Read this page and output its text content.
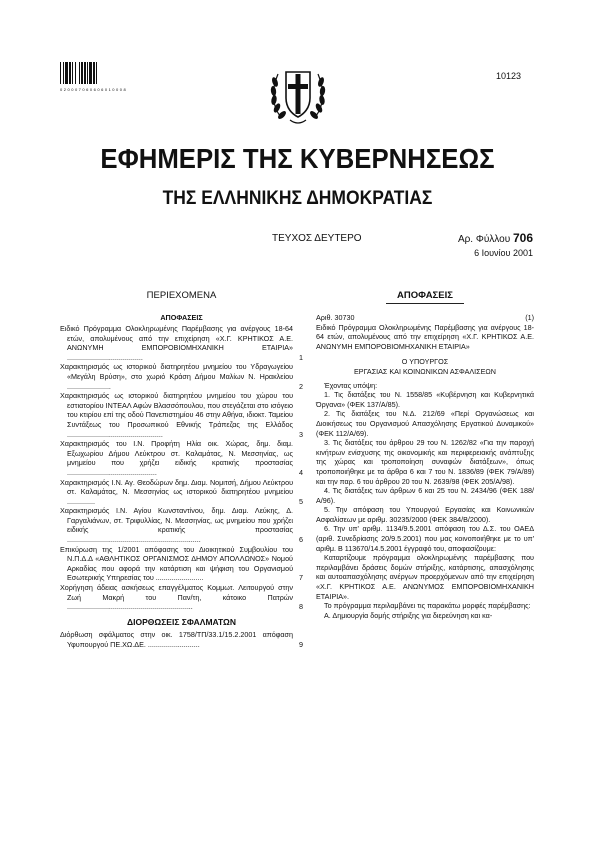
0 2 0 0 0 7 0 6 0 6 0 6 0 1 0 0 0 8
10123
ΕΦΗΜΕΡΙΣ ΤΗΣ ΚΥΒΕΡΝΗΣΕΩΣ
ΤΗΣ ΕΛΛΗΝΙΚΗΣ ΔΗΜΟΚΡΑΤΙΑΣ
ΤΕΥΧΟΣ ΔΕΥΤΕΡΟ	Αρ. Φύλλου 706
6 Ιουνίου 2001

ΠΕΡΙΕΧΟΜΕΝΑ

ΑΠΟΦΑΣΕΙΣ

Ειδικό Πρόγραμμα Ολοκληρωμένης Παρέμβασης για ανέργους 18-64 ετών, απολυμένους από την επιχείρηση «Χ.Γ. ΚΡΗΤΙΚΟΣ Α.Ε. ΑΝΩΝΥΜΗ ΕΜΠΟΡΟΒΙΟΜΗΧΑΝΙΚΗ ΕΤΑΙΡΙΑ» ......................................	1

Χαρακτηρισμός ως ιστορικού διατηρητέου μνημείου του Υδραγωγείου «Μεγάλη Βρύση», στο χωριό Κράση Δήμου Μαλίων Ν. Ηρακλείου ......................	2

Χαρακτηρισμός ως ιστορικού διατηρητέου μνημείου του χώρου του εστιατορίου ΙΝΤΕΑΛ Αφών Βλασσόπουλου, που στεγάζεται στο ισόγειο του κτιρίου επί της οδού Πανεπιστημίου 46 στην Αθήνα, ιδιοκτ. Ταμείου Συντάξεως του Προσωπικού Εθνικής Τράπεζας της Ελλάδος ................................................	3

Χαρακτηρισμός του Ι.Ν. Προφήτη Ηλία οικ. Χώρας, δημ. διαμ. Εξωχωρίου Δήμου Λεύκτρου στ. Καλαμάτας, Ν. Μεσσηνίας, ως μνημείου που χρήζει ειδικής κρατικής προστασίας .............................................	4

Χαρακτηρισμός Ι.Ν. Αγ. Θεοδώρων δημ. Διαμ. Νομιτσή, Δήμου Λεύκτρου στ. Καλαμάτας, Ν. Μεσσηνίας ως ιστορικού διατηρητέου μνημείου ..............	5

Χαρακτηρισμός Ι.Ν. Αγίου Κωνσταντίνου, δημ. Διαμ. Λεύκης, Δ. Γαργαλιάνων, στ. Τριφυλλίας, Ν. Μεσσηνίας, ως μνημείου που χρήζει ειδικής κρατικής προστασίας ...................................................................	6

Επικύρωση της 1/2001 απόφασης του Διοικητικού Συμβουλίου του Ν.Π.Δ.Δ «ΑΘΛΗΤΙΚΟΣ ΟΡΓΑΝΙΣΜΟΣ ΔΗΜΟΥ ΑΠΟΛΛΩΝΟΣ» Νομού Αρκαδίας που αφορά την κατάρτιση και ψήφιση του Οργανισμού Εσωτερικής Υπηρεσίας του ........................	7

Χορήγηση άδειας ασκήσεως επαγγέλματος Κομμωτ. Λειτουργού στην Ζωή Μακρή του Παν/τη, κάτοικο Πατρών ...............................................................	8

ΔΙΟΡΘΩΣΕΙΣ ΣΦΑΛΜΑΤΩΝ

Διόρθωση σφάλματος στην οικ. 1758/ΤΠ/33.1/15.2.2001 απόφαση Υφυπουργού ΠΕ.ΧΩ.ΔΕ. ..........................	9

ΑΠΟΦΑΣΕΙΣ

Αριθ. 30730	(1)

Ειδικό Πρόγραμμα Ολοκληρωμένης Παρέμβασης για ανέργους 18-64 ετών, απολυμένους από την επιχείρηση «Χ.Γ. ΚΡΗΤΙΚΟΣ Α.Ε. ΑΝΩΝΥΜΗ ΕΜΠΟΡΟΒΙΟΜΗΧΑΝΙΚΗ ΕΤΑΙΡΙΑ»

Ο ΥΠΟΥΡΓΟΣ

ΕΡΓΑΣΙΑΣ ΚΑΙ ΚΟΙΝΩΝΙΚΩΝ ΑΣΦΑΛΙΣΕΩΝ

Έχοντας υπόψη:

1. Τις διατάξεις του Ν. 1558/85 «Κυβέρνηση και Κυβερνητικά Όργανα» (ΦΕΚ 137/Α/85).

2. Τις διατάξεις του Ν.Δ. 212/69 «Περί Οργανώσεως και Διοικήσεως του Οργανισμού Απασχόλησης Εργατικού Δυναμικού» (ΦΕΚ 112/Α/69).

3. Τις διατάξεις του άρθρου 29 του Ν. 1262/82 «Για την παροχή κινήτρων ενίσχυσης της οικονομικής και περιφερειακής ανάπτυξης της χώρας και τροποποίηση συναφών διατάξεων», όπως τροποποιήθηκε με τα άρθρα 6 και 7 του Ν. 1836/89 (ΦΕΚ 79/Α/89) και την παρ. 6 του άρθρου 20 του Ν. 2639/98 (ΦΕΚ 205/Α/98).

4. Τις διατάξεις των άρθρων 6 και 25 του Ν. 2434/96 (ΦΕΚ 188/Α/96).

5. Την απόφαση του Υπουργού Εργασίας και Κοινωνικών Ασφαλίσεων με αριθμ. 30235/2000 (ΦΕΚ 384/Β/2000).

6. Την υπ' αριθμ. 1134/9.5.2001 απόφαση του Δ.Σ. του ΟΑΕΔ (αριθ. Συνεδρίασης 20/9.5.2001) που μας κοινοποιήθηκε με το υπ' αριθμ. Β 113670/14.5.2001 έγγραφό του, αποφασίζουμε:

Καταρτίζουμε πρόγραμμα ολοκληρωμένης παρέμβασης που περιλαμβάνει δράσεις δομών στήριξης, κατάρτισης, απασχόλησης και αυτοαπασχόλησης ανέργων προερχόμενων από την επιχείρηση «Χ.Γ. ΚΡΗΤΙΚΟΣ Α.Ε. ΑΝΩΝΥΜΟΣ ΕΜΠΟΡΟΒΙΟΜΗΧΑΝΙΚΗ ΕΤΑΙΡΙΑ».

Το πρόγραμμα περιλαμβάνει τις παρακάτω μορφές παρέμβασης:

Α. Δημιουργία δομής στήριξης για διερεύνηση και κα-
